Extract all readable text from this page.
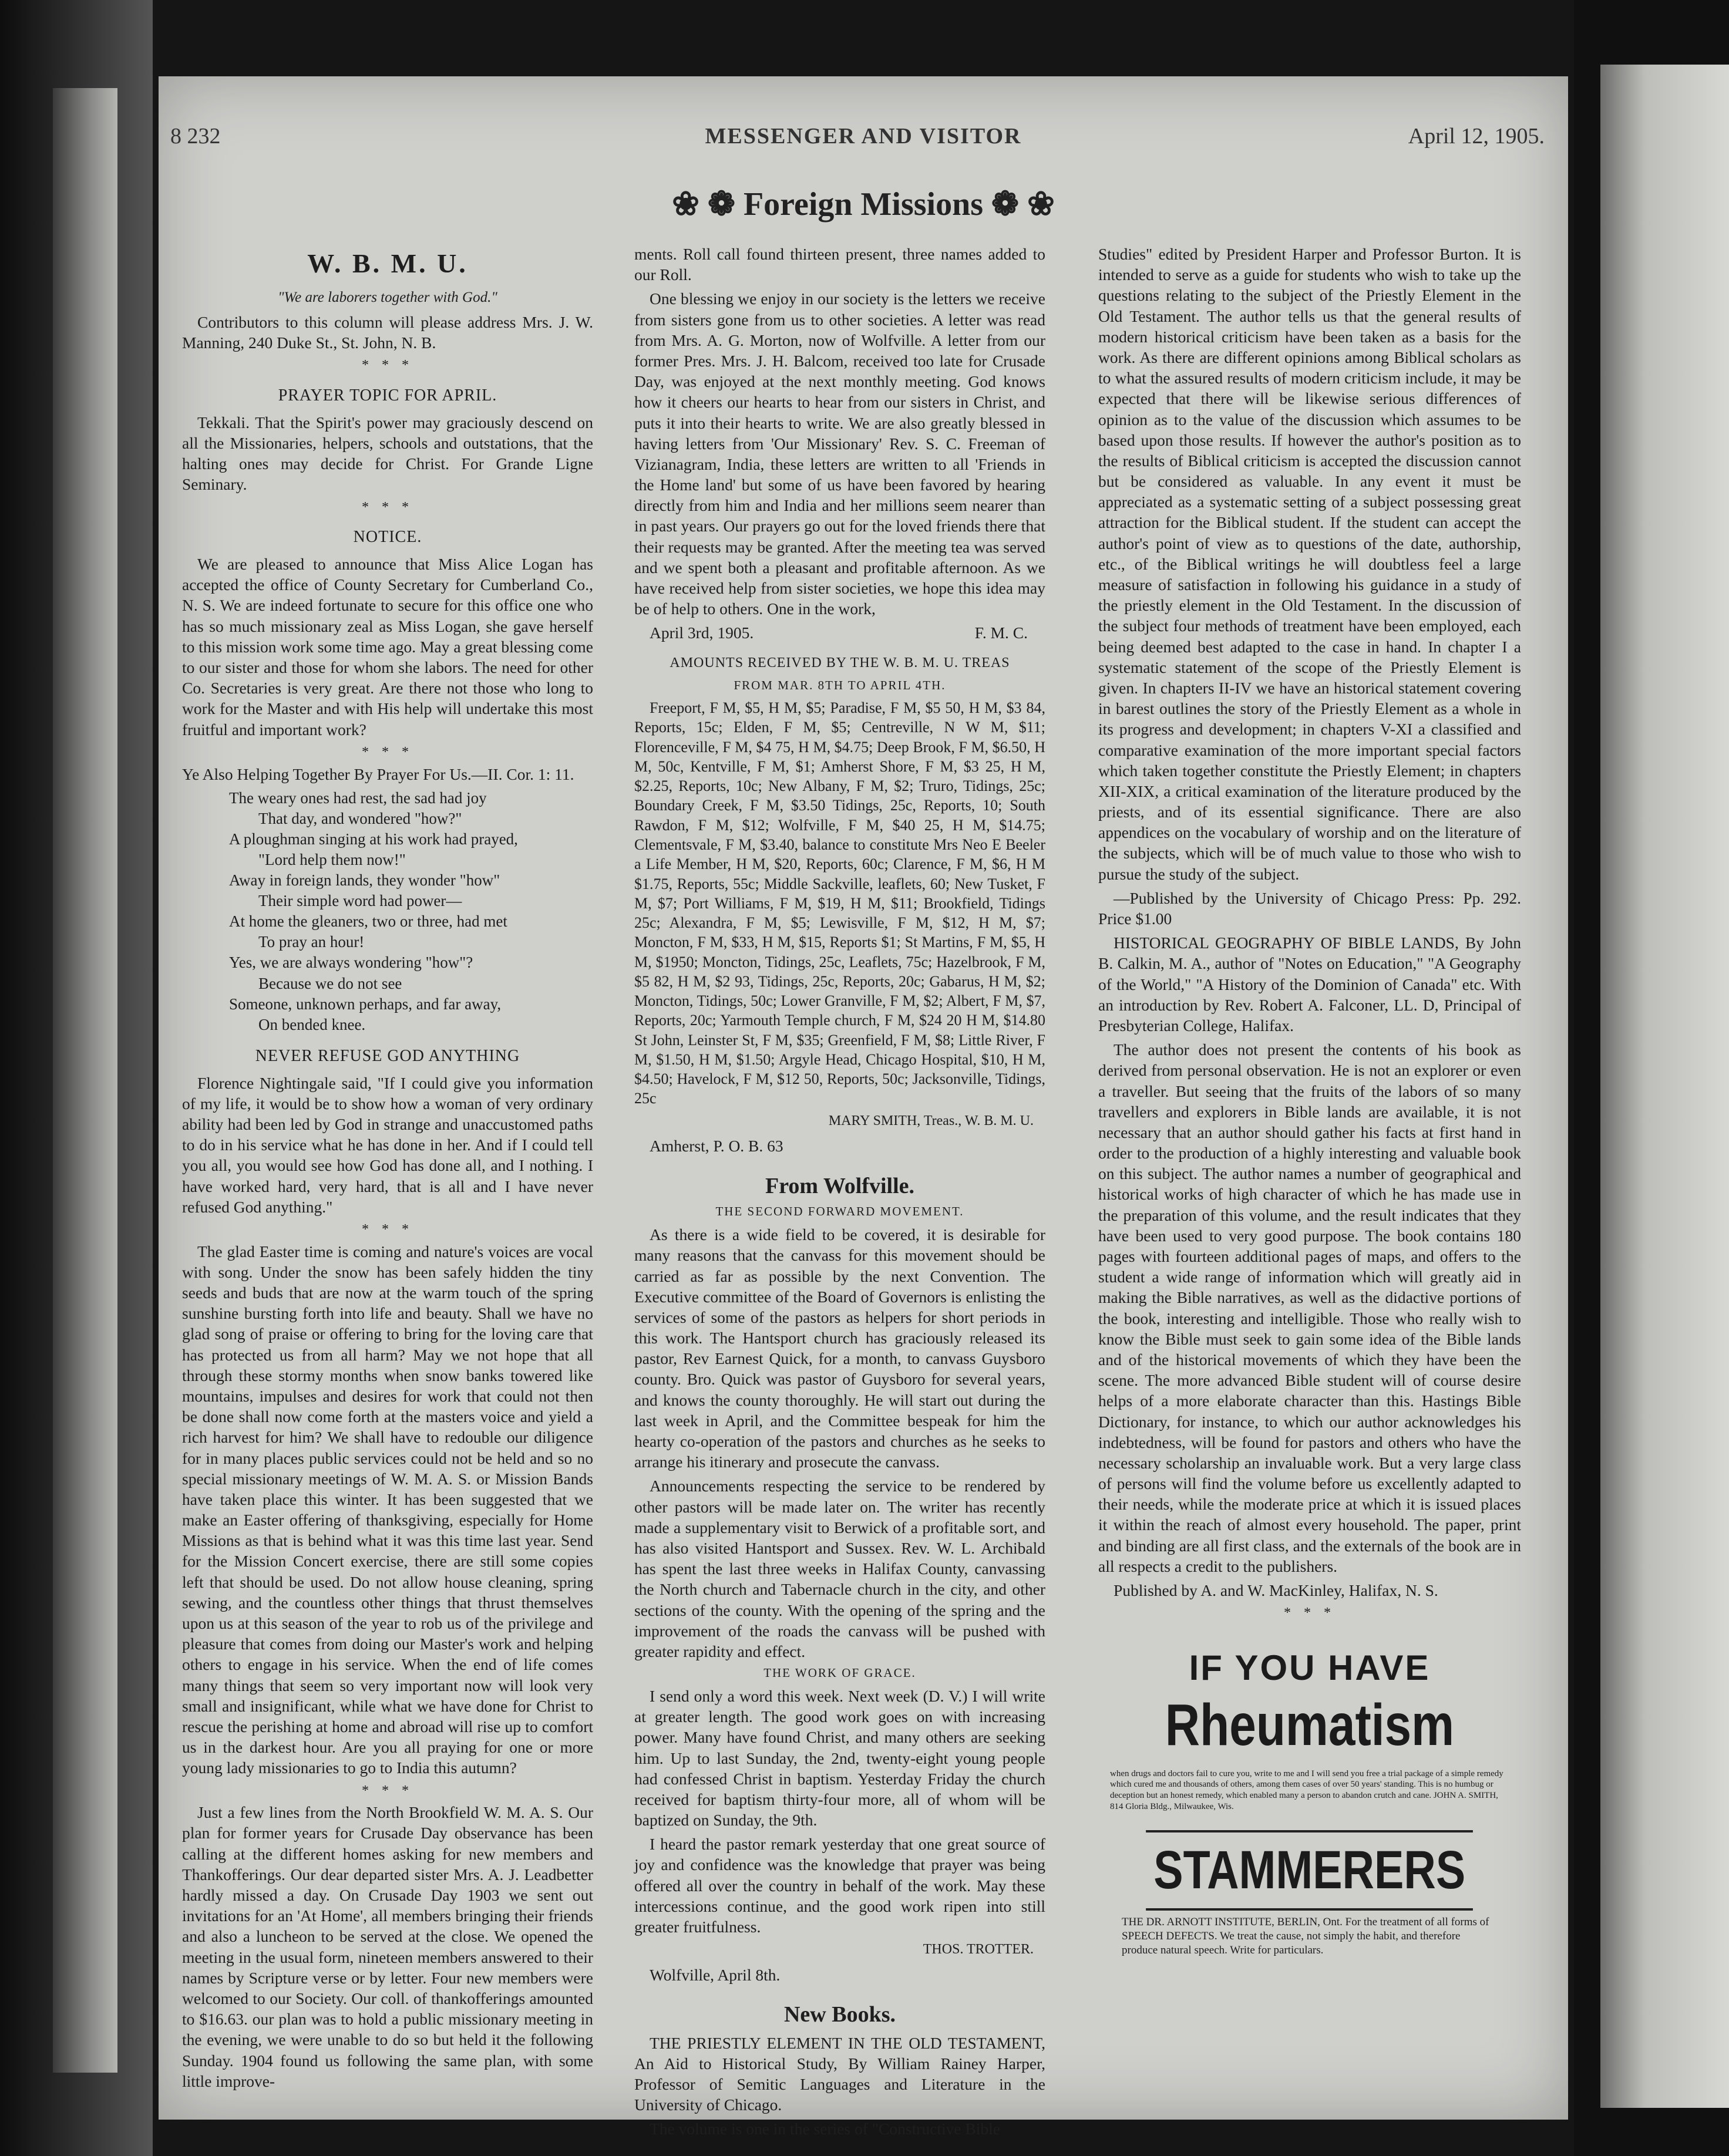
8 232	MESSENGER AND VISITOR	April 12, 1905.
❀ ❁ Foreign Missions ❁ ❀
W. B. M. U.
"We are laborers together with God."

Contributors to this column will please address Mrs. J. W. Manning, 240 Duke St., St. John, N. B.

* * *
PRAYER TOPIC FOR APRIL.

Tekkali. That the Spirit's power may graciously descend on all the Missionaries, helpers, schools and outstations, that the halting ones may decide for Christ. For Grande Ligne Seminary.

* * *
NOTICE.

We are pleased to announce that Miss Alice Logan has accepted the office of County Secretary for Cumberland Co., N. S. We are indeed fortunate to secure for this office one who has so much missionary zeal as Miss Logan, she gave herself to this mission work some time ago. May a great blessing come to our sister and those for whom she labors. The need for other Co. Secretaries is very great. Are there not those who long to work for the Master and with His help will undertake this most fruitful and important work?

* * *

Ye Also Helping Together By Prayer For Us.—II. Cor. 1: 11.

The weary ones had rest, the sad had joy
That day, and wondered "how?"
A ploughman singing at his work had prayed,
"Lord help them now!"
Away in foreign lands, they wonder "how"
Their simple word had power—
At home the gleaners, two or three, had met
To pray an hour!
Yes, we are always wondering "how"?
Because we do not see
Someone, unknown perhaps, and far away,
On bended knee.
NEVER REFUSE GOD ANYTHING

Florence Nightingale said, "If I could give you information of my life, it would be to show how a woman of very ordinary ability had been led by God in strange and unaccustomed paths to do in his service what he has done in her. And if I could tell you all, you would see how God has done all, and I nothing. I have worked hard, very hard, that is all and I have never refused God anything."

* * *

The glad Easter time is coming and nature's voices are vocal with song. Under the snow has been safely hidden the tiny seeds and buds that are now at the warm touch of the spring sunshine bursting forth into life and beauty. Shall we have no glad song of praise or offering to bring for the loving care that has protected us from all harm? May we not hope that all through these stormy months when snow banks towered like mountains, impulses and desires for work that could not then be done shall now come forth at the masters voice and yield a rich harvest for him? We shall have to redouble our diligence for in many places public services could not be held and so no special missionary meetings of W. M. A. S. or Mission Bands have taken place this winter. It has been suggested that we make an Easter offering of thanksgiving, especially for Home Missions as that is behind what it was this time last year. Send for the Mission Concert exercise, there are still some copies left that should be used. Do not allow house cleaning, spring sewing, and the countless other things that thrust themselves upon us at this season of the year to rob us of the privilege and pleasure that comes from doing our Master's work and helping others to engage in his service. When the end of life comes many things that seem so very important now will look very small and insignificant, while what we have done for Christ to rescue the perishing at home and abroad will rise up to comfort us in the darkest hour. Are you all praying for one or more young lady missionaries to go to India this autumn?

* * *

Just a few lines from the North Brookfield W. M. A. S. Our plan for former years for Crusade Day observance has been calling at the different homes asking for new members and Thankofferings. Our dear departed sister Mrs. A. J. Leadbetter hardly missed a day. On Crusade Day 1903 we sent out invitations for an 'At Home', all members bringing their friends and also a luncheon to be served at the close. We opened the meeting in the usual form, nineteen members answered to their names by Scripture verse or by letter. Four new members were welcomed to our Society. Our coll. of thankofferings amounted to $16.63. our plan was to hold a public missionary meeting in the evening, we were unable to do so but held it the following Sunday. 1904 found us following the same plan, with some little improve-

ments. Roll call found thirteen present, three names added to our Roll.

One blessing we enjoy in our society is the letters we receive from sisters gone from us to other societies. A letter was read from Mrs. A. G. Morton, now of Wolfville. A letter from our former Pres. Mrs. J. H. Balcom, received too late for Crusade Day, was enjoyed at the next monthly meeting. God knows how it cheers our hearts to hear from our sisters in Christ, and puts it into their hearts to write. We are also greatly blessed in having letters from 'Our Missionary' Rev. S. C. Freeman of Vizianagram, India, these letters are written to all 'Friends in the Home land' but some of us have been favored by hearing directly from him and India and her millions seem nearer than in past years. Our prayers go out for the loved friends there that their requests may be granted. After the meeting tea was served and we spent both a pleasant and profitable afternoon. As we have received help from sister societies, we hope this idea may be of help to others. One in the work,

April 3rd, 1905.	F. M. C.

AMOUNTS RECEIVED BY THE W. B. M. U. TREAS
FROM MAR. 8TH TO APRIL 4TH.

Freeport, F M, $5, H M, $5; Paradise, F M, $5 50, H M, $3 84, Reports, 15c; Elden, F M, $5; Centreville, N W M, $11; Florenceville, F M, $4 75, H M, $4.75; Deep Brook, F M, $6.50, H M, 50c, Kentville, F M, $1; Amherst Shore, F M, $3 25, H M, $2.25, Reports, 10c; New Albany, F M, $2; Truro, Tidings, 25c; Boundary Creek, F M, $3.50 Tidings, 25c, Reports, 10; South Rawdon, F M, $12; Wolfville, F M, $40 25, H M, $14.75; Clementsvale, F M, $3.40, balance to constitute Mrs Neo E Beeler a Life Member, H M, $20, Reports, 60c; Clarence, F M, $6, H M $1.75, Reports, 55c; Middle Sackville, leaflets, 60; New Tusket, F M, $7; Port Williams, F M, $19, H M, $11; Brookfield, Tidings 25c; Alexandra, F M, $5; Lewisville, F M, $12, H M, $7; Moncton, F M, $33, H M, $15, Reports $1; St Martins, F M, $5, H M, $1950; Moncton, Tidings, 25c, Leaflets, 75c; Hazelbrook, F M, $5 82, H M, $2 93, Tidings, 25c, Reports, 20c; Gabarus, H M, $2; Moncton, Tidings, 50c; Lower Granville, F M, $2; Albert, F M, $7, Reports, 20c; Yarmouth Temple church, F M, $24 20 H M, $14.80 St John, Leinster St, F M, $35; Greenfield, F M, $8; Little River, F M, $1.50, H M, $1.50; Argyle Head, Chicago Hospital, $10, H M, $4.50; Havelock, F M, $12 50, Reports, 50c; Jacksonville, Tidings, 25c

MARY SMITH, Treas., W. B. M. U.

Amherst, P. O. B. 63

From Wolfville.
THE SECOND FORWARD MOVEMENT.

As there is a wide field to be covered, it is desirable for many reasons that the canvass for this movement should be carried as far as possible by the next Convention. The Executive committee of the Board of Governors is enlisting the services of some of the pastors as helpers for short periods in this work. The Hantsport church has graciously released its pastor, Rev Earnest Quick, for a month, to canvass Guysboro county. Bro. Quick was pastor of Guysboro for several years, and knows the county thoroughly. He will start out during the last week in April, and the Committee bespeak for him the hearty co-operation of the pastors and churches as he seeks to arrange his itinerary and prosecute the canvass.

Announcements respecting the service to be rendered by other pastors will be made later on. The writer has recently made a supplementary visit to Berwick of a profitable sort, and has also visited Hantsport and Sussex. Rev. W. L. Archibald has spent the last three weeks in Halifax County, canvassing the North church and Tabernacle church in the city, and other sections of the county. With the opening of the spring and the improvement of the roads the canvass will be pushed with greater rapidity and effect.

THE WORK OF GRACE.

I send only a word this week. Next week (D. V.) I will write at greater length. The good work goes on with increasing power. Many have found Christ, and many others are seeking him. Up to last Sunday, the 2nd, twenty-eight young people had confessed Christ in baptism. Yesterday Friday the church received for baptism thirty-four more, all of whom will be baptized on Sunday, the 9th.

I heard the pastor remark yesterday that one great source of joy and confidence was the knowledge that prayer was being offered all over the country in behalf of the work. May these intercessions continue, and the good work ripen into still greater fruitfulness.

THOS. TROTTER.

Wolfville, April 8th.

New Books.

THE PRIESTLY ELEMENT IN THE OLD TESTAMENT, An Aid to Historical Study, By William Rainey Harper, Professor of Semitic Languages and Literature in the University of Chicago.

The volume is one in the series of "Constructive Bible

Studies" edited by President Harper and Professor Burton. It is intended to serve as a guide for students who wish to take up the questions relating to the subject of the Priestly Element in the Old Testament. The author tells us that the general results of modern historical criticism have been taken as a basis for the work. As there are different opinions among Biblical scholars as to what the assured results of modern criticism include, it may be expected that there will be likewise serious differences of opinion as to the value of the discussion which assumes to be based upon those results. If however the author's position as to the results of Biblical criticism is accepted the discussion cannot but be considered as valuable. In any event it must be appreciated as a systematic setting of a subject possessing great attraction for the Biblical student. If the student can accept the author's point of view as to questions of the date, authorship, etc., of the Biblical writings he will doubtless feel a large measure of satisfaction in following his guidance in a study of the priestly element in the Old Testament. In the discussion of the subject four methods of treatment have been employed, each being deemed best adapted to the case in hand. In chapter I a systematic statement of the scope of the Priestly Element is given. In chapters II-IV we have an historical statement covering in barest outlines the story of the Priestly Element as a whole in its progress and development; in chapters V-XI a classified and comparative examination of the more important special factors which taken together constitute the Priestly Element; in chapters XII-XIX, a critical examination of the literature produced by the priests, and of its essential significance. There are also appendices on the vocabulary of worship and on the literature of the subjects, which will be of much value to those who wish to pursue the study of the subject.

—Published by the University of Chicago Press: Pp. 292. Price $1.00

HISTORICAL GEOGRAPHY OF BIBLE LANDS, By John B. Calkin, M. A., author of "Notes on Education," "A Geography of the World," "A History of the Dominion of Canada" etc. With an introduction by Rev. Robert A. Falconer, LL. D, Principal of Presbyterian College, Halifax.

The author does not present the contents of his book as derived from personal observation. He is not an explorer or even a traveller. But seeing that the fruits of the labors of so many travellers and explorers in Bible lands are available, it is not necessary that an author should gather his facts at first hand in order to the production of a highly interesting and valuable book on this subject. The author names a number of geographical and historical works of high character of which he has made use in the preparation of this volume, and the result indicates that they have been used to very good purpose. The book contains 180 pages with fourteen additional pages of maps, and offers to the student a wide range of information which will greatly aid in making the Bible narratives, as well as the didactive portions of the book, interesting and intelligible. Those who really wish to know the Bible must seek to gain some idea of the Bible lands and of the historical movements of which they have been the scene. The more advanced Bible student will of course desire helps of a more elaborate character than this. Hastings Bible Dictionary, for instance, to which our author acknowledges his indebtedness, will be found for pastors and others who have the necessary scholarship an invaluable work. But a very large class of persons will find the volume before us excellently adapted to their needs, while the moderate price at which it is issued places it within the reach of almost every household. The paper, print and binding are all first class, and the externals of the book are in all respects a credit to the publishers.

Published by A. and W. MacKinley, Halifax, N. S.

* * *
IF YOU HAVE
Rheumatism
when drugs and doctors fail to cure you, write to me and I will send you free a trial package of a simple remedy which cured me and thousands of others, among them cases of over 50 years' standing. This is no humbug or deception but an honest remedy, which enabled many a person to abandon crutch and cane. JOHN A. SMITH, 814 Gloria Bldg., Milwaukee, Wis.
STAMMERERS
THE DR. ARNOTT INSTITUTE, BERLIN, Ont. For the treatment of all forms of SPEECH DEFECTS. We treat the cause, not simply the habit, and therefore produce natural speech. Write for particulars.
